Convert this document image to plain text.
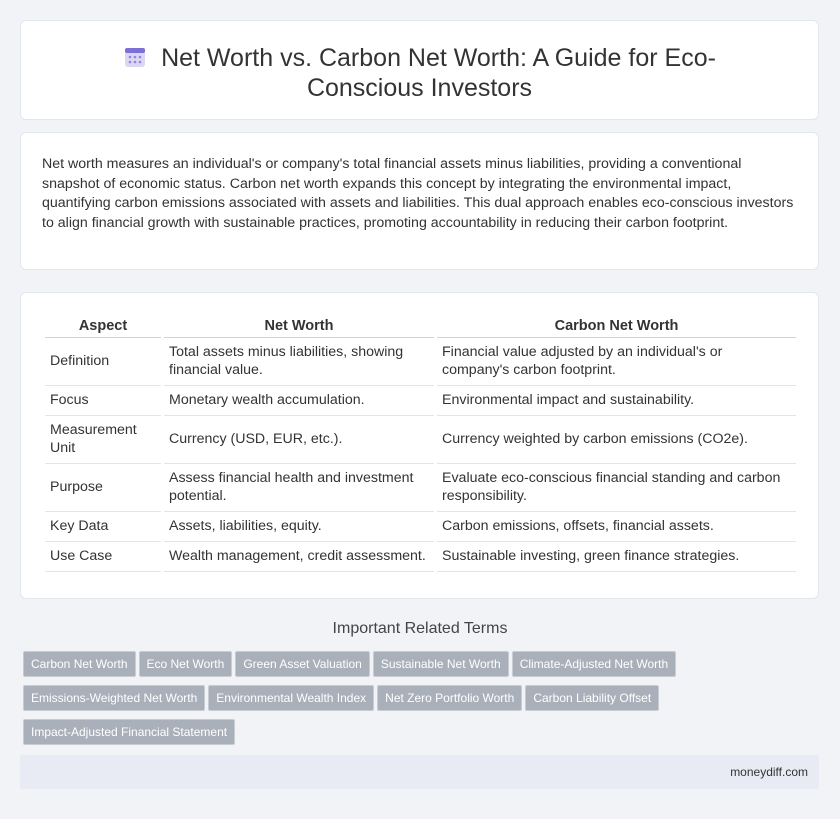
Net Worth vs. Carbon Net Worth: A Guide for Eco-Conscious Investors

Net worth measures an individual's or company's total financial assets minus liabilities, providing a conventional snapshot of economic status. Carbon net worth expands this concept by integrating the environmental impact, quantifying carbon emissions associated with assets and liabilities. This dual approach enables eco-conscious investors to align financial growth with sustainable practices, promoting accountability in reducing their carbon footprint.

Aspect	Net Worth	Carbon Net Worth
Definition	Total assets minus liabilities, showing financial value.	Financial value adjusted by an individual's or company's carbon footprint.
Focus	Monetary wealth accumulation.	Environmental impact and sustainability.
Measurement Unit	Currency (USD, EUR, etc.).	Currency weighted by carbon emissions (CO2e).
Purpose	Assess financial health and investment potential.	Evaluate eco-conscious financial standing and carbon responsibility.
Key Data	Assets, liabilities, equity.	Carbon emissions, offsets, financial assets.
Use Case	Wealth management, credit assessment.	Sustainable investing, green finance strategies.
Important Related Terms
Carbon Net Worth Eco Net Worth Green Asset Valuation Sustainable Net Worth Climate-Adjusted Net Worth
Emissions-Weighted Net Worth Environmental Wealth Index Net Zero Portfolio Worth Carbon Liability Offset
Impact-Adjusted Financial Statement
moneydiff.com
